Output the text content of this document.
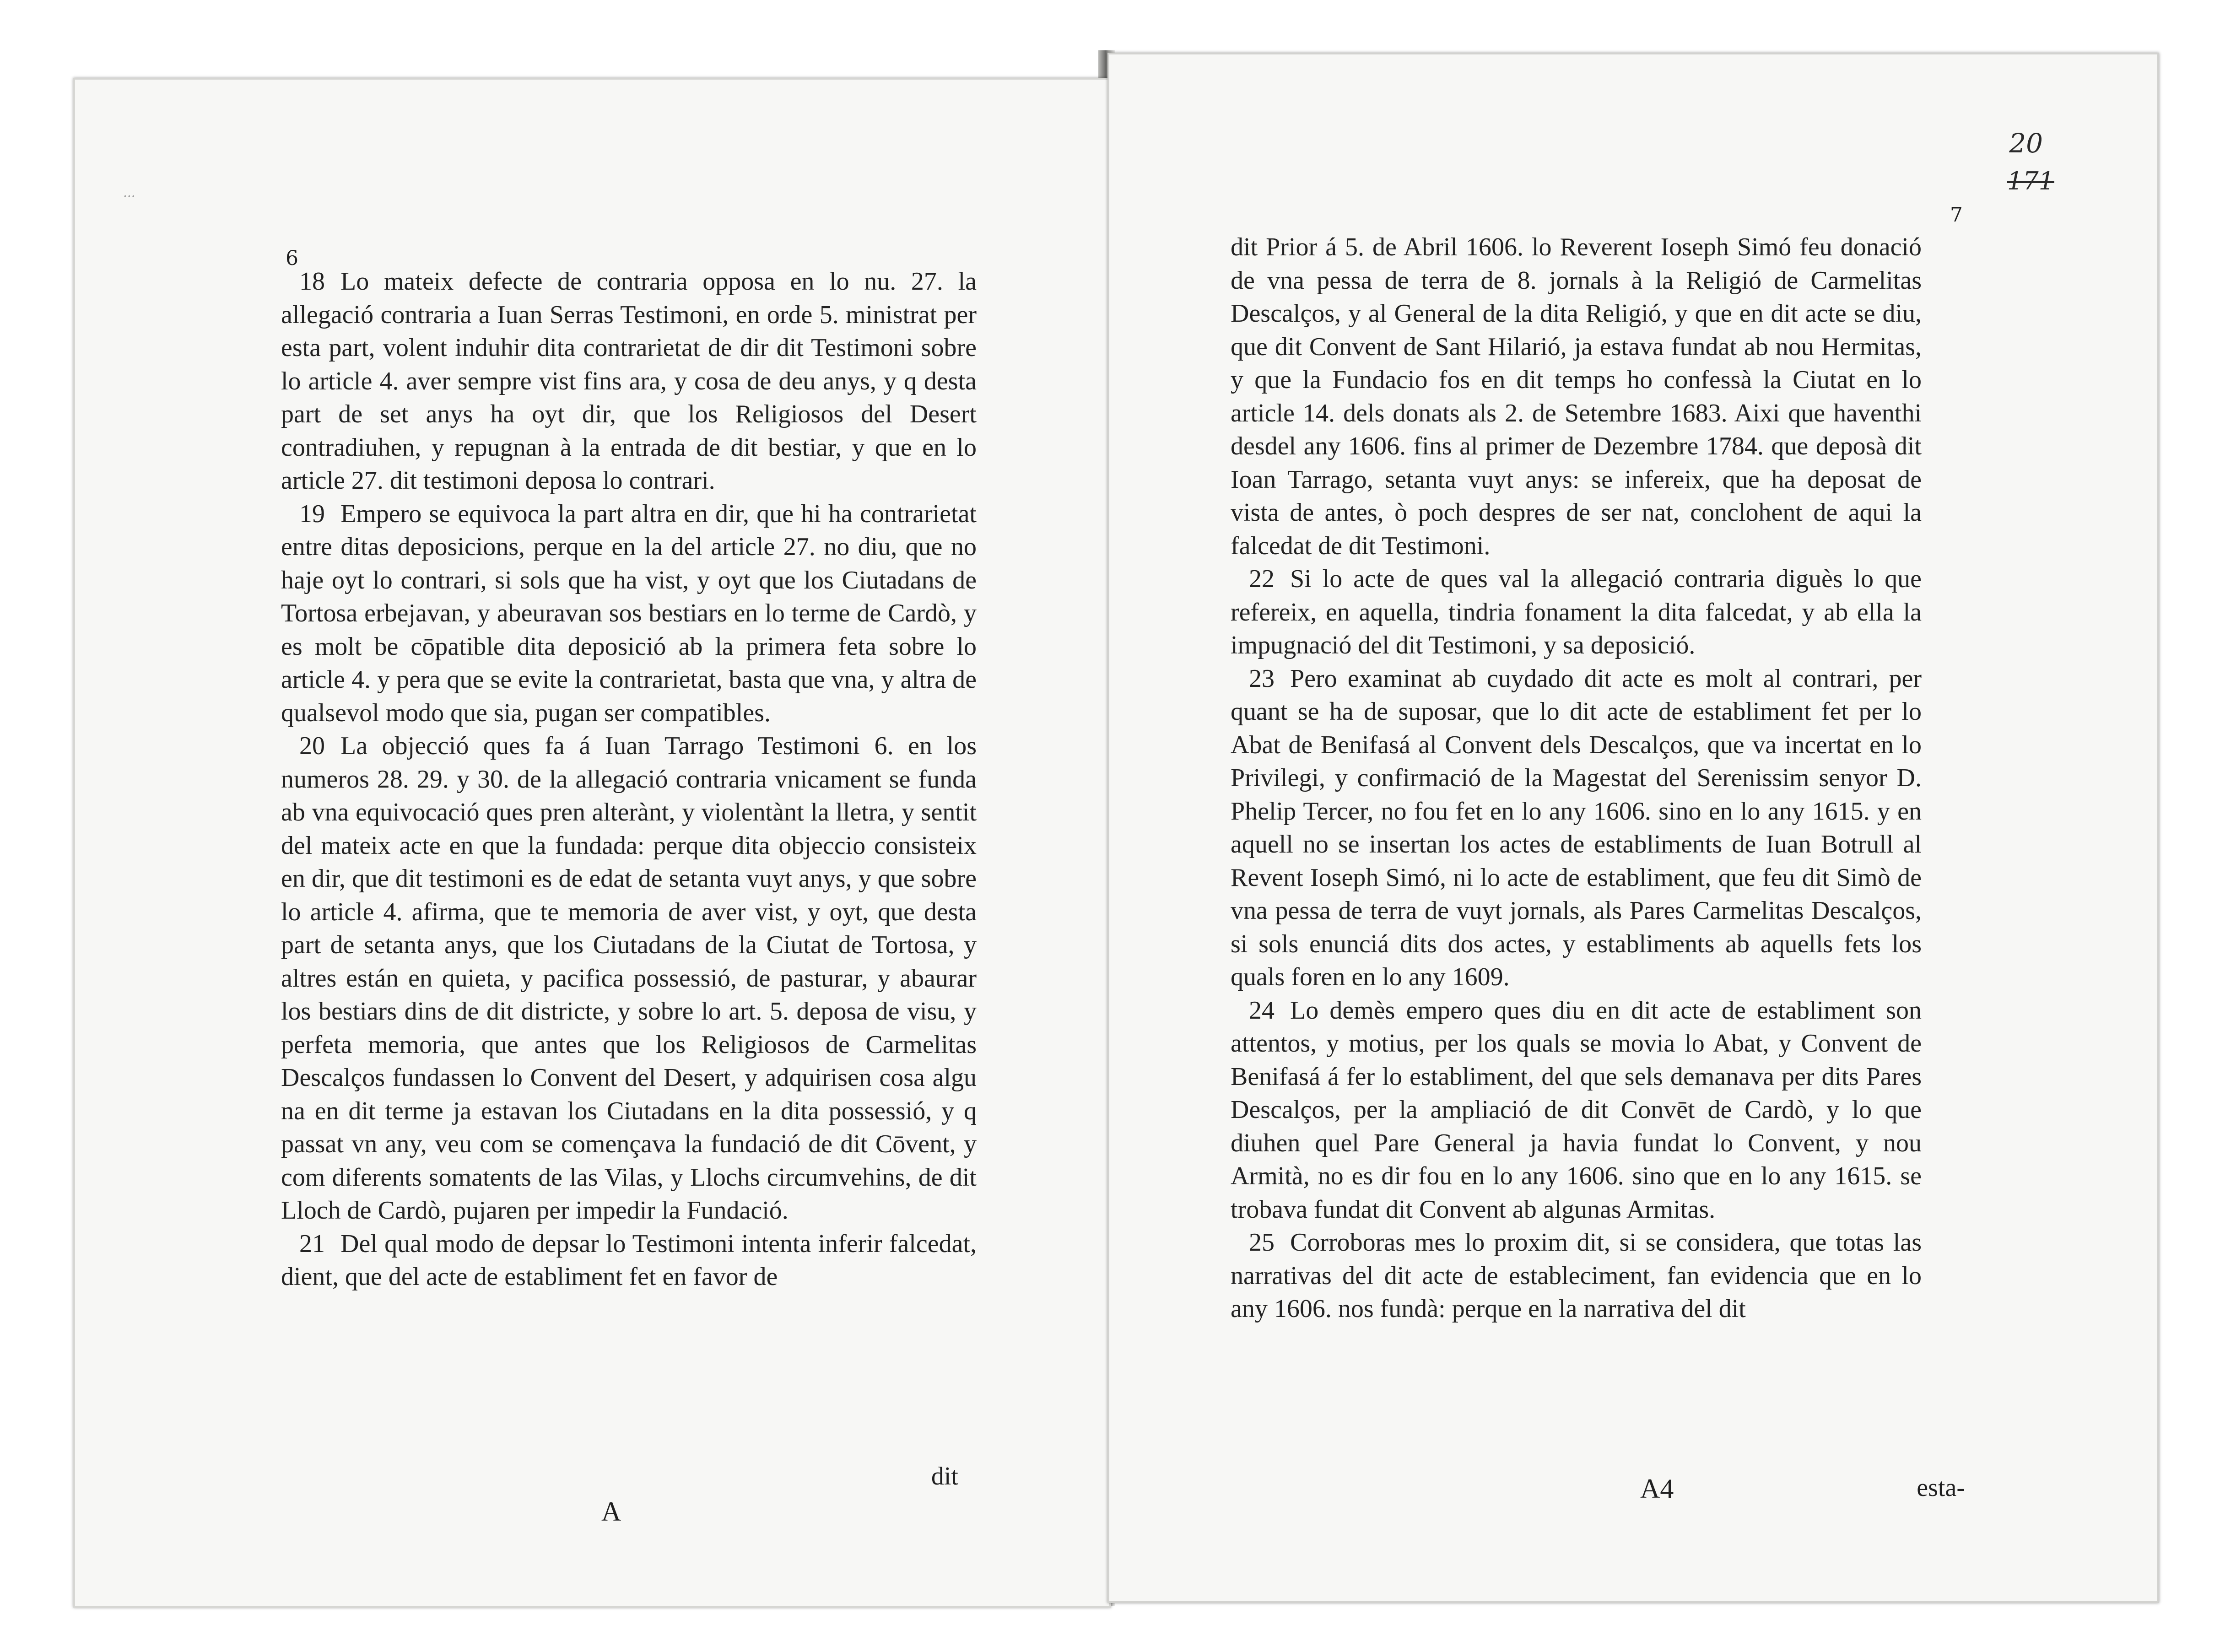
...
6

18 Lo mateix defecte de contraria opposa en lo nu. 27. la allegació contraria a Iuan Serras Testimoni, en orde 5. ministrat per esta part, volent induhir dita contrarietat de dir dit Testimoni sobre lo article 4. aver sempre vist fins ara, y cosa de deu anys, y q desta part de set anys ha oyt dir, que los Religiosos del Desert contradiuhen, y repugnan à la entrada de dit bestiar, y que en lo article 27. dit testimoni deposa lo contrari.

19 Empero se equivoca la part altra en dir, que hi ha contrarietat entre ditas deposicions, perque en la del article 27. no diu, que no haje oyt lo contrari, si sols que ha vist, y oyt que los Ciutadans de Tortosa erbejavan, y abeuravan sos bestiars en lo terme de Cardò, y es molt be cōpatible dita deposició ab la primera feta sobre lo article 4. y pera que se evite la contrarietat, basta que vna, y altra de qualsevol modo que sia, pugan ser compatibles.

20 La objecció ques fa á Iuan Tarrago Testimoni 6. en los numeros 28. 29. y 30. de la allegació contraria vnicament se funda ab vna equivocació ques pren alterànt, y violentànt la lletra, y sentit del mateix acte en que la fundada: perque dita objeccio consisteix en dir, que dit testimoni es de edat de setanta vuyt anys, y que sobre lo article 4. afirma, que te memoria de aver vist, y oyt, que desta part de setanta anys, que los Ciutadans de la Ciutat de Tortosa, y altres están en quieta, y pacifica possessió, de pasturar, y abaurar los bestiars dins de dit districte, y sobre lo art. 5. deposa de visu, y perfeta memoria, que antes que los Religiosos de Carmelitas Descalços fundassen lo Convent del Desert, y adquirisen cosa algu na en dit terme ja estavan los Ciutadans en la dita possessió, y q passat vn any, veu com se començava la fundació de dit Cōvent, y com diferents somatents de las Vilas, y Llochs circumvehins, de dit Lloch de Cardò, pujaren per impedir la Fundació.

21 Del qual modo de depsar lo Testimoni intenta inferir falcedat, dient, que del acte de establiment fet en favor de

dit
A
20
171
7

dit Prior á 5. de Abril 1606. lo Reverent Ioseph Simó feu donació de vna pessa de terra de 8. jornals à la Religió de Carmelitas Descalços, y al General de la dita Religió, y que en dit acte se diu, que dit Convent de Sant Hilarió, ja estava fundat ab nou Hermitas, y que la Fundacio fos en dit temps ho confessà la Ciutat en lo article 14. dels donats als 2. de Setembre 1683. Aixi que haventhi desdel any 1606. fins al primer de Dezembre 1784. que deposà dit Ioan Tarrago, setanta vuyt anys: se infereix, que ha deposat de vista de antes, ò poch despres de ser nat, conclohent de aqui la falcedat de dit Testimoni.

22 Si lo acte de ques val la allegació contraria diguès lo que refereix, en aquella, tindria fonament la dita falcedat, y ab ella la impugnació del dit Testimoni, y sa deposició.

23 Pero examinat ab cuydado dit acte es molt al contrari, per quant se ha de suposar, que lo dit acte de establiment fet per lo Abat de Benifasá al Convent dels Descalços, que va incertat en lo Privilegi, y confirmació de la Magestat del Serenissim senyor D. Phelip Tercer, no fou fet en lo any 1606. sino en lo any 1615. y en aquell no se insertan los actes de establiments de Iuan Botrull al Revent Ioseph Simó, ni lo acte de establiment, que feu dit Simò de vna pessa de terra de vuyt jornals, als Pares Carmelitas Descalços, si sols enunciá dits dos actes, y establiments ab aquells fets los quals foren en lo any 1609.

24 Lo demès empero ques diu en dit acte de establiment son attentos, y motius, per los quals se movia lo Abat, y Convent de Benifasá á fer lo establiment, del que sels demanava per dits Pares Descalços, per la ampliació de dit Convēt de Cardò, y lo que diuhen quel Pare General ja havia fundat lo Convent, y nou Armità, no es dir fou en lo any 1606. sino que en lo any 1615. se trobava fundat dit Convent ab algunas Armitas.

25 Corroboras mes lo proxim dit, si se considera, que totas las narrativas del dit acte de estableciment, fan evidencia que en lo any 1606. nos fundà: perque en la narrativa del dit

A4	esta-
